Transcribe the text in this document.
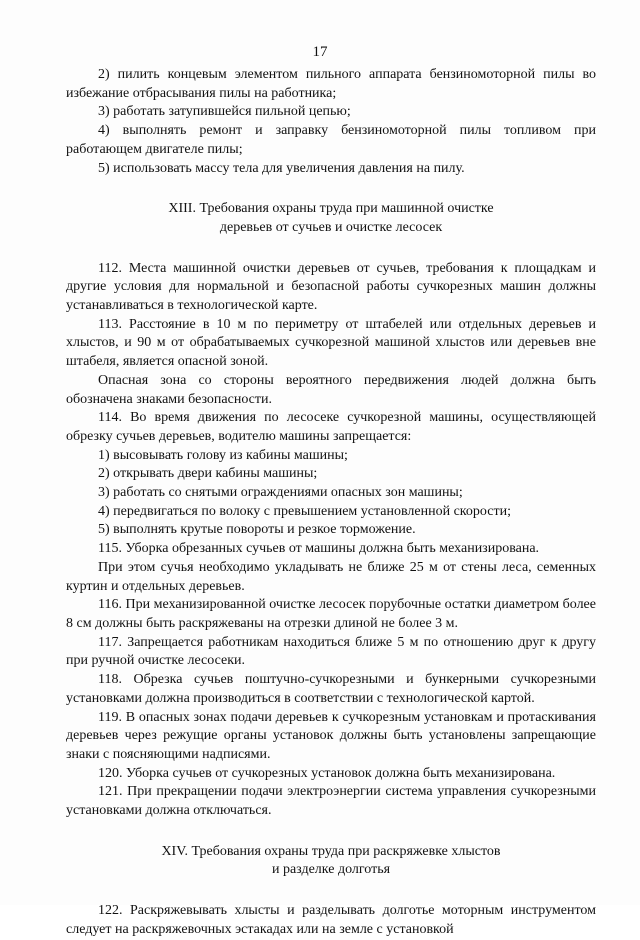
17

2) пилить концевым элементом пильного аппарата бензиномоторной пилы во избежание отбрасывания пилы на работника;

3) работать затупившейся пильной цепью;

4) выполнять ремонт и заправку бензиномоторной пилы топливом при работающем двигателе пилы;

5) использовать массу тела для увеличения давления на пилу.

XIII. Требования охраны труда при машинной очистке

деревьев от сучьев и очистке лесосек

112. Места машинной очистки деревьев от сучьев, требования к площадкам и другие условия для нормальной и безопасной работы сучкорезных машин должны устанавливаться в технологической карте.

113. Расстояние в 10 м по периметру от штабелей или отдельных деревьев и хлыстов, и 90 м от обрабатываемых сучкорезной машиной хлыстов или деревьев вне штабеля, является опасной зоной.

Опасная зона со стороны вероятного передвижения людей должна быть обозначена знаками безопасности.

114. Во время движения по лесосеке сучкорезной машины, осуществляющей обрезку сучьев деревьев, водителю машины запрещается:

1) высовывать голову из кабины машины;

2) открывать двери кабины машины;

3) работать со снятыми ограждениями опасных зон машины;

4) передвигаться по волоку с превышением установленной скорости;

5) выполнять крутые повороты и резкое торможение.

115. Уборка обрезанных сучьев от машины должна быть механизирована.

При этом сучья необходимо укладывать не ближе 25 м от стены леса, семенных куртин и отдельных деревьев.

116. При механизированной очистке лесосек порубочные остатки диаметром более 8 см должны быть раскряжеваны на отрезки длиной не более 3 м.

117. Запрещается работникам находиться ближе 5 м по отношению друг к другу при ручной очистке лесосеки.

118. Обрезка сучьев поштучно-сучкорезными и бункерными сучкорезными установками должна производиться в соответствии с технологической картой.

119. В опасных зонах подачи деревьев к сучкорезным установкам и протаскивания деревьев через режущие органы установок должны быть установлены запрещающие знаки с поясняющими надписями.

120. Уборка сучьев от сучкорезных установок должна быть механизирована.

121. При прекращении подачи электроэнергии система управления сучкорезными установками должна отключаться.

XIV. Требования охраны труда при раскряжевке хлыстов

и разделке долготья

122. Раскряжевывать хлысты и разделывать долготье моторным инструментом следует на раскряжевочных эстакадах или на земле с установкой
